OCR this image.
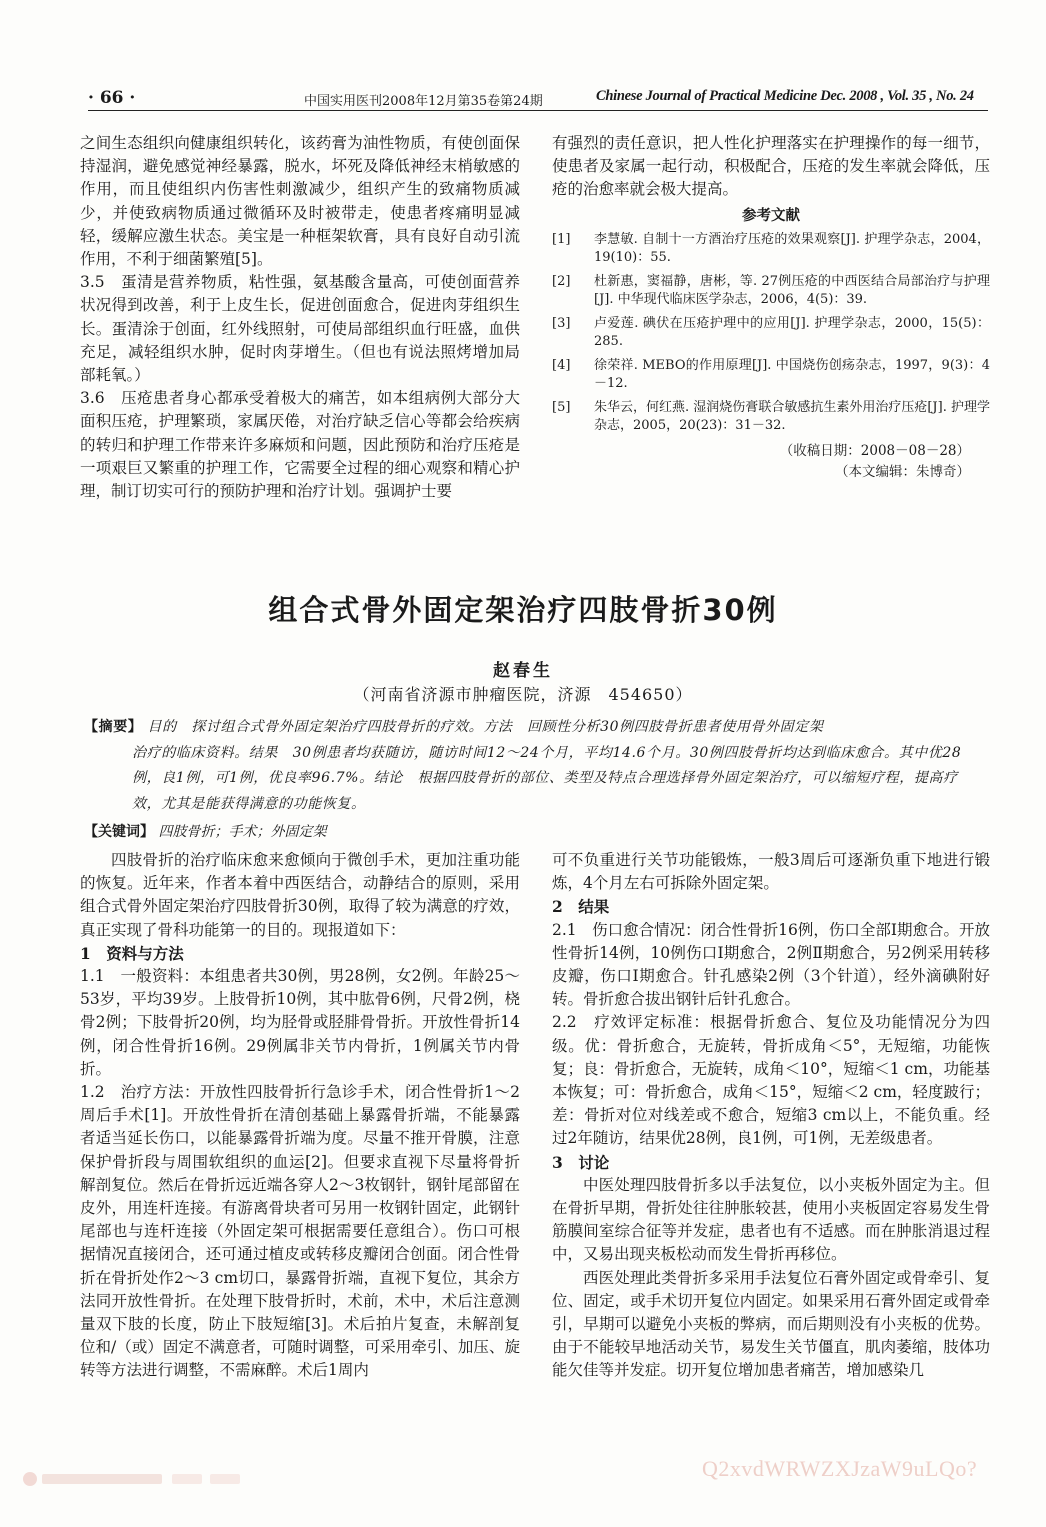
· 66 ·	中国实用医刊2008年12月第35卷第24期	Chinese Journal of Practical Medicine Dec. 2008 , Vol. 35 , No. 24

之间生态组织向健康组织转化，该药膏为油性物质，有使创面保持湿润，避免感觉神经暴露，脱水，坏死及降低神经末梢敏感的作用，而且使组织内伤害性刺激减少，组织产生的致痛物质减少，并使致病物质通过微循环及时被带走，使患者疼痛明显减轻，缓解应激生状态。美宝是一种框架软膏，具有良好自动引流作用，不利于细菌繁殖[5]。

3.5　蛋清是营养物质，粘性强，氨基酸含量高，可使创面营养状况得到改善，利于上皮生长，促进创面愈合，促进肉芽组织生长。蛋清涂于创面，红外线照射，可使局部组织血行旺盛，血供充足，减轻组织水肿，促时肉芽增生。（但也有说法照烤增加局部耗氧。）

3.6　压疮患者身心都承受着极大的痛苦，如本组病例大部分大面积压疮，护理繁琐，家属厌倦，对治疗缺乏信心等都会给疾病的转归和护理工作带来许多麻烦和问题，因此预防和治疗压疮是一项艰巨又繁重的护理工作，它需要全过程的细心观察和精心护理，制订切实可行的预防护理和治疗计划。强调护士要

有强烈的责任意识，把人性化护理落实在护理操作的每一细节，使患者及家属一起行动，积极配合，压疮的发生率就会降低，压疮的治愈率就会极大提高。

参考文献
[1] 李慧敏. 自制十一方酒治疗压疮的效果观察[J]. 护理学杂志，2004，19(10)：55.
[2] 杜新惠，窦福静，唐彬，等. 27例压疮的中西医结合局部治疗与护理[J]. 中华现代临床医学杂志，2006，4(5)：39.
[3] 卢爱莲. 碘伏在压疮护理中的应用[J]. 护理学杂志，2000，15(5)：285.
[4] 徐荣祥. MEBO的作用原理[J]. 中国烧伤创疡杂志，1997，9(3)：4－12.
[5] 朱华云，何红燕. 湿润烧伤膏联合敏感抗生素外用治疗压疮[J]. 护理学杂志，2005，20(23)：31－32.
（收稿日期：2008－08－28）
（本文编辑：朱博奇）
组合式骨外固定架治疗四肢骨折30例
赵春生
（河南省济源市肿瘤医院，济源　454650）
【摘要】 目的　探讨组合式骨外固定架治疗四肢骨折的疗效。方法　回顾性分析30例四肢骨折患者使用骨外固定架
治疗的临床资料。结果　30例患者均获随访，随访时间12～24个月，平均14.6个月。30例四肢骨折均达到临床愈合。其中优28例，良1例，可1例，优良率96.7%。结论　根据四肢骨折的部位、类型及特点合理选择骨外固定架治疗，可以缩短疗程，提高疗效，尤其是能获得满意的功能恢复。
【关键词】 四肢骨折；手术；外固定架

四肢骨折的治疗临床愈来愈倾向于微创手术，更加注重功能的恢复。近年来，作者本着中西医结合，动静结合的原则，采用组合式骨外固定架治疗四肢骨折30例，取得了较为满意的疗效，真正实现了骨科功能第一的目的。现报道如下：

1　资料与方法

1.1　一般资料：本组患者共30例，男28例，女2例。年龄25～53岁，平均39岁。上肢骨折10例，其中肱骨6例，尺骨2例，桡骨2例；下肢骨折20例，均为胫骨或胫腓骨骨折。开放性骨折14例，闭合性骨折16例。29例属非关节内骨折，1例属关节内骨折。

1.2　治疗方法：开放性四肢骨折行急诊手术，闭合性骨折1～2周后手术[1]。开放性骨折在清创基础上暴露骨折端，不能暴露者适当延长伤口，以能暴露骨折端为度。尽量不推开骨膜，注意保护骨折段与周围软组织的血运[2]。但要求直视下尽量将骨折解剖复位。然后在骨折远近端各穿人2～3枚钢针，钢针尾部留在皮外，用连杆连接。有游离骨块者可另用一枚钢针固定，此钢针尾部也与连杆连接（外固定架可根据需要任意组合）。伤口可根据情况直接闭合，还可通过植皮或转移皮瓣闭合创面。闭合性骨折在骨折处作2～3 cm切口，暴露骨折端，直视下复位，其余方法同开放性骨折。在处理下肢骨折时，术前，术中，术后注意测量双下肢的长度，防止下肢短缩[3]。术后拍片复查，未解剖复位和/（或）固定不满意者，可随时调整，可采用牵引、加压、旋转等方法进行调整，不需麻醉。术后1周内

可不负重进行关节功能锻炼，一般3周后可逐渐负重下地进行锻炼，4个月左右可拆除外固定架。

2　结果

2.1　伤口愈合情况：闭合性骨折16例，伤口全部Ⅰ期愈合。开放性骨折14例，10例伤口Ⅰ期愈合，2例Ⅱ期愈合，另2例采用转移皮瓣，伤口Ⅰ期愈合。针孔感染2例（3个针道），经外滴碘附好转。骨折愈合拔出钢针后针孔愈合。

2.2　疗效评定标准：根据骨折愈合、复位及功能情况分为四级。优：骨折愈合，无旋转，骨折成角＜5°，无短缩，功能恢复；良：骨折愈合，无旋转，成角＜10°，短缩＜1 cm，功能基本恢复；可：骨折愈合，成角＜15°，短缩＜2 cm，轻度跛行；差：骨折对位对线差或不愈合，短缩3 cm以上，不能负重。经过2年随访，结果优28例，良1例，可1例，无差级患者。

3　讨论

中医处理四肢骨折多以手法复位，以小夹板外固定为主。但在骨折早期，骨折处往往肿胀较甚，使用小夹板固定容易发生骨筋膜间室综合征等并发症，患者也有不适感。而在肿胀消退过程中，又易出现夹板松动而发生骨折再移位。

西医处理此类骨折多采用手法复位石膏外固定或骨牵引、复位、固定，或手术切开复位内固定。如果采用石膏外固定或骨牵引，早期可以避免小夹板的弊病，而后期则没有小夹板的优势。由于不能较早地活动关节，易发生关节僵直，肌肉萎缩，肢体功能欠佳等并发症。切开复位增加患者痛苦，增加感染几

Q2xvdWRWZXJzaW9uLQo?
